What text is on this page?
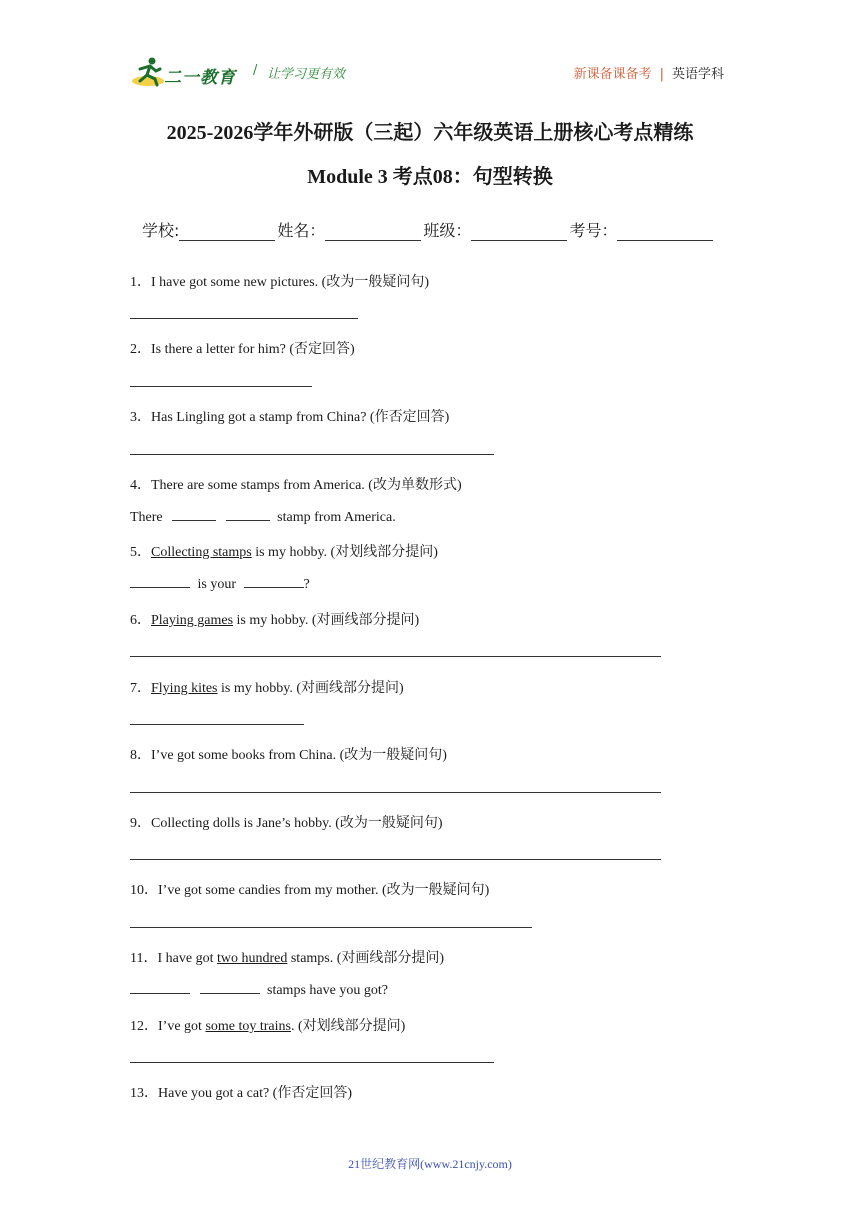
二一教育 / 让学习更有效	新课备课备考 | 英语学科
2025-2026学年外研版（三起）六年级英语上册核心考点精练
Module 3 考点08：句型转换
学校:	姓名：	班级：	考号：
1．I have got some new pictures. (改为一般疑问句)
2．Is there a letter for him? (否定回答)
3．Has Lingling got a stamp from China? (作否定回答)
4．There are some stamps from America. (改为单数形式)
There	stamp from America.
5．Collecting stamps is my hobby. (对划线部分提问)
is your	?
6．Playing games is my hobby. (对画线部分提问)
7．Flying kites is my hobby. (对画线部分提问)
8．I’ve got some books from China. (改为一般疑问句)
9．Collecting dolls is Jane’s hobby. (改为一般疑问句)
10．I’ve got some candies from my mother. (改为一般疑问句)
11．I have got two hundred stamps. (对画线部分提问)
stamps have you got?
12．I’ve got some toy trains. (对划线部分提问)
13．Have you got a cat? (作否定回答)
21世纪教育网(www.21cnjy.com)
